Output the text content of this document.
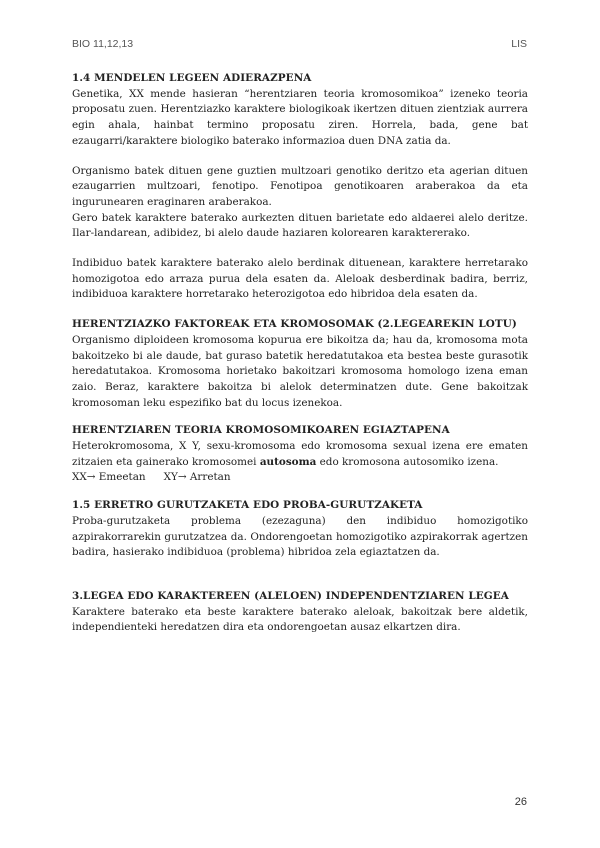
BIO 11,12,13	LIS
1.4 MENDELEN LEGEEN ADIERAZPENA

Genetika, XX mende hasieran “herentziaren teoria kromosomikoa” izeneko teoria proposatu zuen. Herentziazko karaktere biologikoak ikertzen dituen zientziak aurrera egin ahala, hainbat termino proposatu ziren. Horrela, bada, gene bat ezaugarri/karaktere biologiko baterako informazioa duen DNA zatia da.

Organismo batek dituen gene guztien multzoari genotiko deritzo eta agerian dituen ezaugarrien multzoari, fenotipo. Fenotipoa genotikoaren araberakoa da eta ingurunearen eraginaren araberakoa.

Gero batek karaktere baterako aurkezten dituen barietate edo aldaerei alelo deritze. Ilar-landarean, adibidez, bi alelo daude haziaren kolorearen karaktererako.

Indibiduo batek karaktere baterako alelo berdinak dituenean, karaktere herretarako homozigotoa edo arraza purua dela esaten da. Aleloak desberdinak badira, berriz, indibiduoa karaktere horretarako heterozigotoa edo hibridoa dela esaten da.

HERENTZIAZKO FAKTOREAK ETA KROMOSOMAK (2.LEGEAREKIN LOTU)

Organismo diploideen kromosoma kopurua ere bikoitza da; hau da, kromosoma mota bakoitzeko bi ale daude, bat guraso batetik heredatutakoa eta bestea beste gurasotik heredatutakoa. Kromosoma horietako bakoitzari kromosoma homologo izena eman zaio. Beraz, karaktere bakoitza bi alelok determinatzen dute. Gene bakoitzak kromosoman leku espezifiko bat du locus izenekoa.

HERENTZIAREN TEORIA KROMOSOMIKOAREN EGIAZTAPENA

Heterokromosoma, X Y, sexu-kromosoma edo kromosoma sexual izena ere ematen zitzaien eta gainerako kromosomei autosoma edo kromosona autosomiko izena.

XX→ Emeetan XY→ Arretan

1.5 ERRETRO GURUTZAKETA EDO PROBA-GURUTZAKETA

Proba-gurutzaketa problema (ezezaguna) den indibiduo homozigotiko azpirakorrarekin gurutzatzea da. Ondorengoetan homozigotiko azpirakorrak agertzen badira, hasierako indibiduoa (problema) hibridoa zela egiaztatzen da.

3.LEGEA EDO KARAKTEREEN (ALELOEN) INDEPENDENTZIAREN LEGEA

Karaktere baterako eta beste karaktere baterako aleloak, bakoitzak bere aldetik, independienteki heredatzen dira eta ondorengoetan ausaz elkartzen dira.

26
